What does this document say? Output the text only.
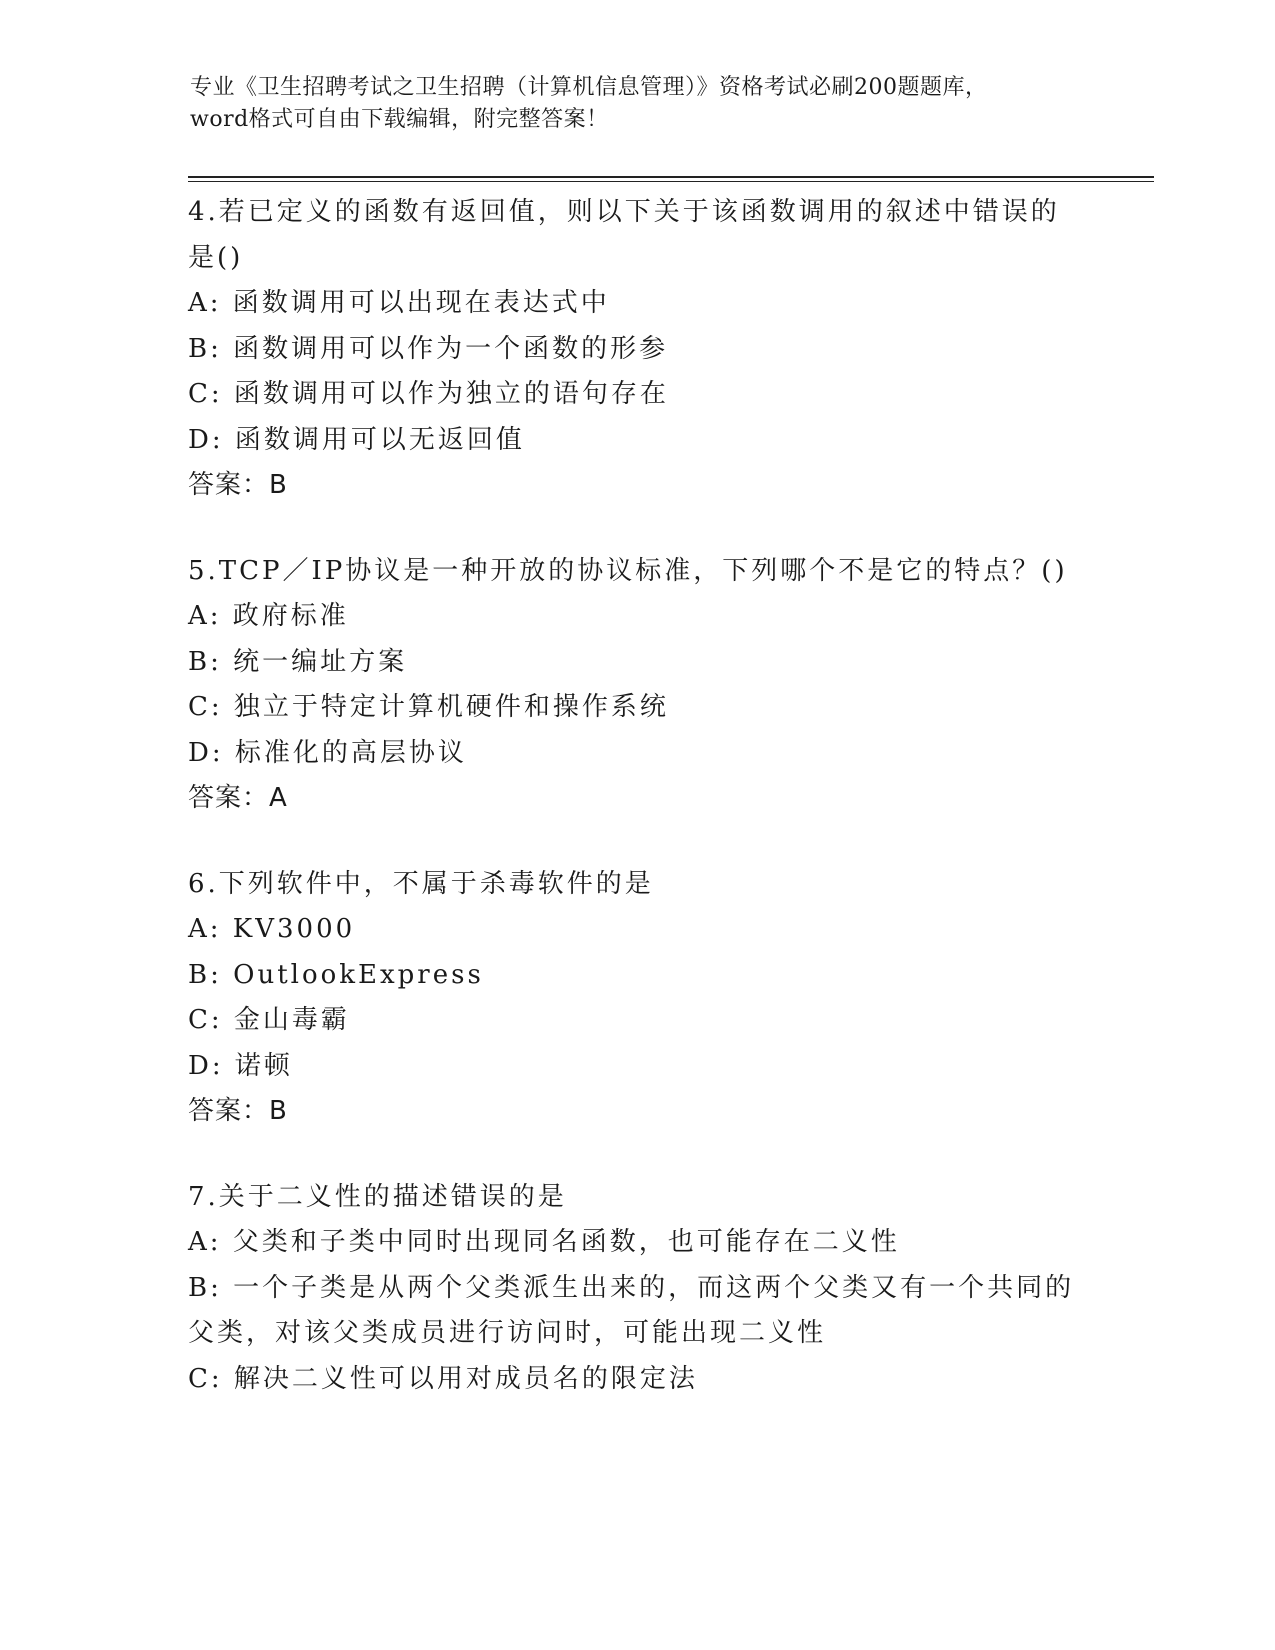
专业《卫生招聘考试之卫生招聘（计算机信息管理）》资格考试必刷200题题库，
word格式可自由下载编辑，附完整答案！
4.若已定义的函数有返回值，则以下关于该函数调用的叙述中错误的
是()
A: 函数调用可以出现在表达式中
B: 函数调用可以作为一个函数的形参
C: 函数调用可以作为独立的语句存在
D: 函数调用可以无返回值
答案：B
5.TCP／IP协议是一种开放的协议标准，下列哪个不是它的特点？()
A: 政府标准
B: 统一编址方案
C: 独立于特定计算机硬件和操作系统
D: 标准化的高层协议
答案：A
6.下列软件中，不属于杀毒软件的是
A: KV3000
B: OutlookExpress
C: 金山毒霸
D: 诺顿
答案：B
7.关于二义性的描述错误的是
A: 父类和子类中同时出现同名函数，也可能存在二义性
B: 一个子类是从两个父类派生出来的，而这两个父类又有一个共同的
父类，对该父类成员进行访问时，可能出现二义性
C: 解决二义性可以用对成员名的限定法
